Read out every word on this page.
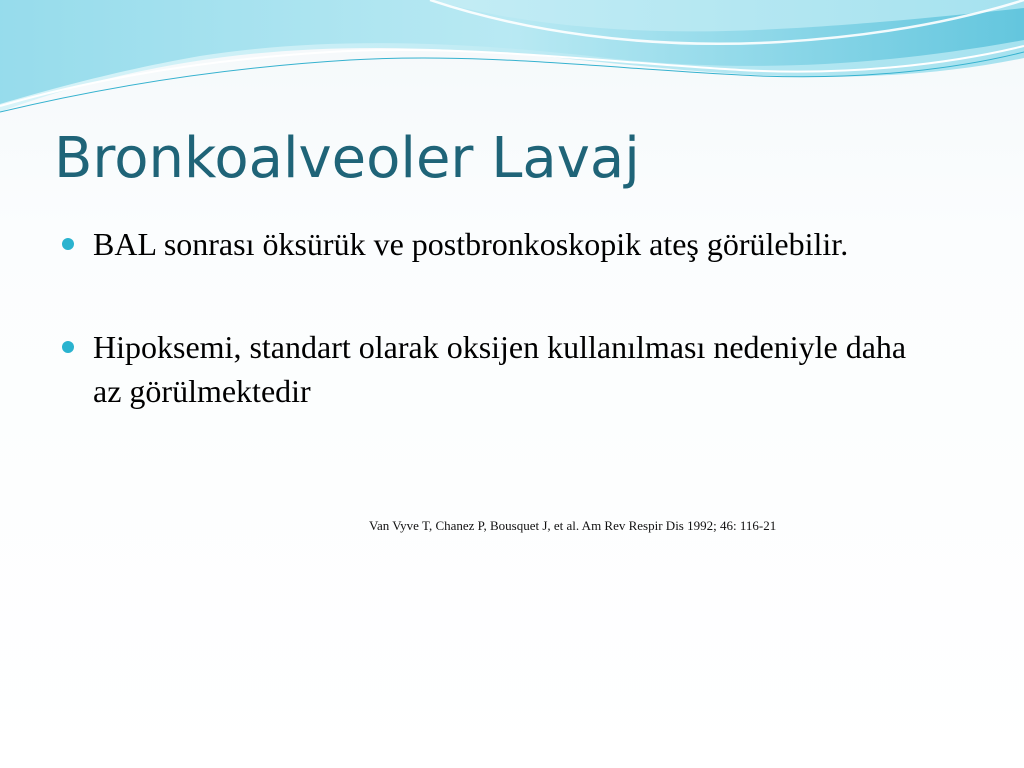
Bronkoalveoler Lavaj
BAL sonrası öksürük ve postbronkoskopik ateş görülebilir.
Hipoksemi, standart olarak oksijen kullanılması nedeniyle daha az görülmektedir
Van Vyve T, Chanez P, Bousquet J, et al. Am Rev Respir Dis 1992; 46: 116-21
